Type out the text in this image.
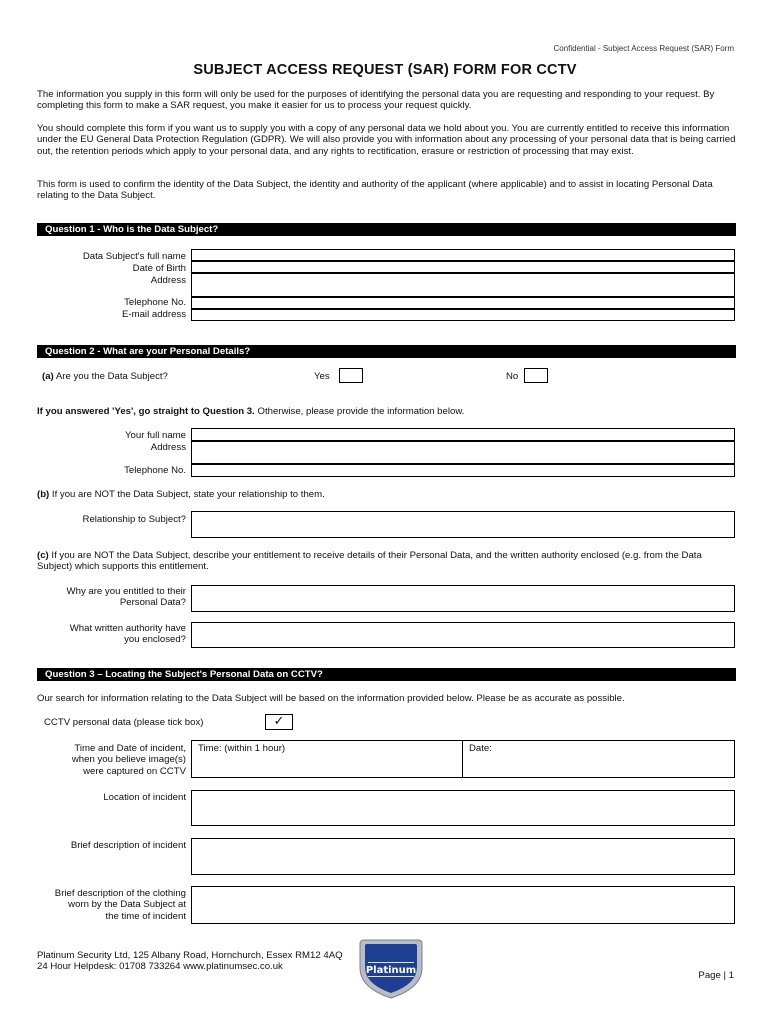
Confidential - Subject Access Request (SAR) Form
SUBJECT ACCESS REQUEST (SAR) FORM FOR CCTV
The information you supply in this form will only be used for the purposes of identifying the personal data you are requesting and responding to your request. By completing this form to make a SAR request, you make it easier for us to process your request quickly.
You should complete this form if you want us to supply you with a copy of any personal data we hold about you. You are currently entitled to receive this information under the EU General Data Protection Regulation (GDPR). We will also provide you with information about any processing of your personal data that is being carried out, the retention periods which apply to your personal data, and any rights to rectification, erasure or restriction of processing that may exist.
This form is used to confirm the identity of the Data Subject, the identity and authority of the applicant (where applicable) and to assist in locating Personal Data relating to the Data Subject.
Question 1 - Who is the Data Subject?
Data Subject's full name
Date of Birth
Address
Telephone No.
E-mail address
Question 2 - What are your Personal Details?
(a) Are you the Data Subject?	Yes	No
If you answered 'Yes', go straight to Question 3. Otherwise, please provide the information below.
Your full name
Address
Telephone No.
(b) If you are NOT the Data Subject, state your relationship to them.
Relationship to Subject?
(c) If you are NOT the Data Subject, describe your entitlement to receive details of their Personal Data, and the written authority enclosed (e.g. from the Data Subject) which supports this entitlement.
Why are you entitled to their
Personal Data?
What written authority have
you enclosed?
Question 3 – Locating the Subject's Personal Data on CCTV?
Our search for information relating to the Data Subject will be based on the information provided below. Please be as accurate as possible.
CCTV personal data (please tick box)	✓
Time and Date of incident,
when you believe image(s)
were captured on CCTV
Time: (within 1 hour)	Date:
Location of incident
Brief description of incident
Brief description of the clothing
worn by the Data Subject at
the time of incident
Platinum Security Ltd, 125 Albany Road, Hornchurch, Essex RM12 4AQ
24 Hour Helpdesk: 01708 733264 www.platinumsec.co.uk	Platinum	Page | 1
